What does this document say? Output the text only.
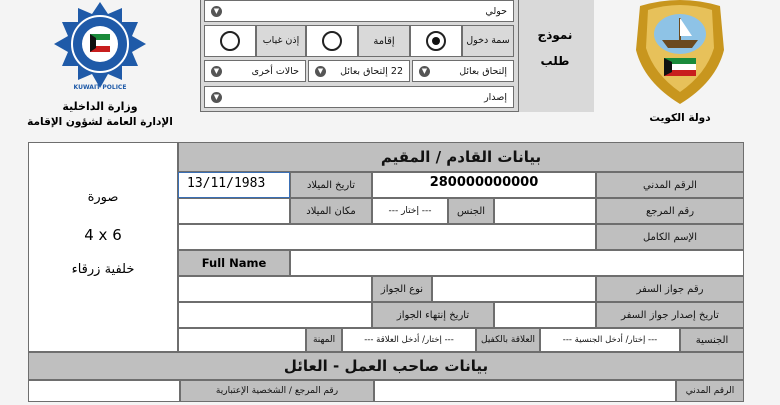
KUWAIT POLICE
وزارة الداخلية
الإدارة العامة لشؤون الإقامة	دولة الكويت
نموذج
طلب
حولي
▼
سمة دخول
إقامة
إذن غياب
إلتحاق بعائل
▼
22 إلتحاق بعائل
▼
حالات أخرى
▼
إصدار
▼
صورة
4 x 6
خلفية زرقاء
بيانات القادم / المقيم
الرقم المدني
280000000000
تاريخ الميلاد
13/11/1983
رقم المرجع
الجنس
--- إختار ---
مكان الميلاد
الإسم الكامل
Full Name
رقم جواز السفر
نوع الجواز
تاريخ إصدار جواز السفر
تاريخ إنتهاء الجواز
الجنسية
--- إختار/ أدخل الجنسية ---
العلاقة بالكفيل
--- إختار/ أدخل العلاقة ---
المهنة
بيانات صاحب العمل - العائل
الرقم المدني
رقم المرجع / الشخصية الإعتبارية
